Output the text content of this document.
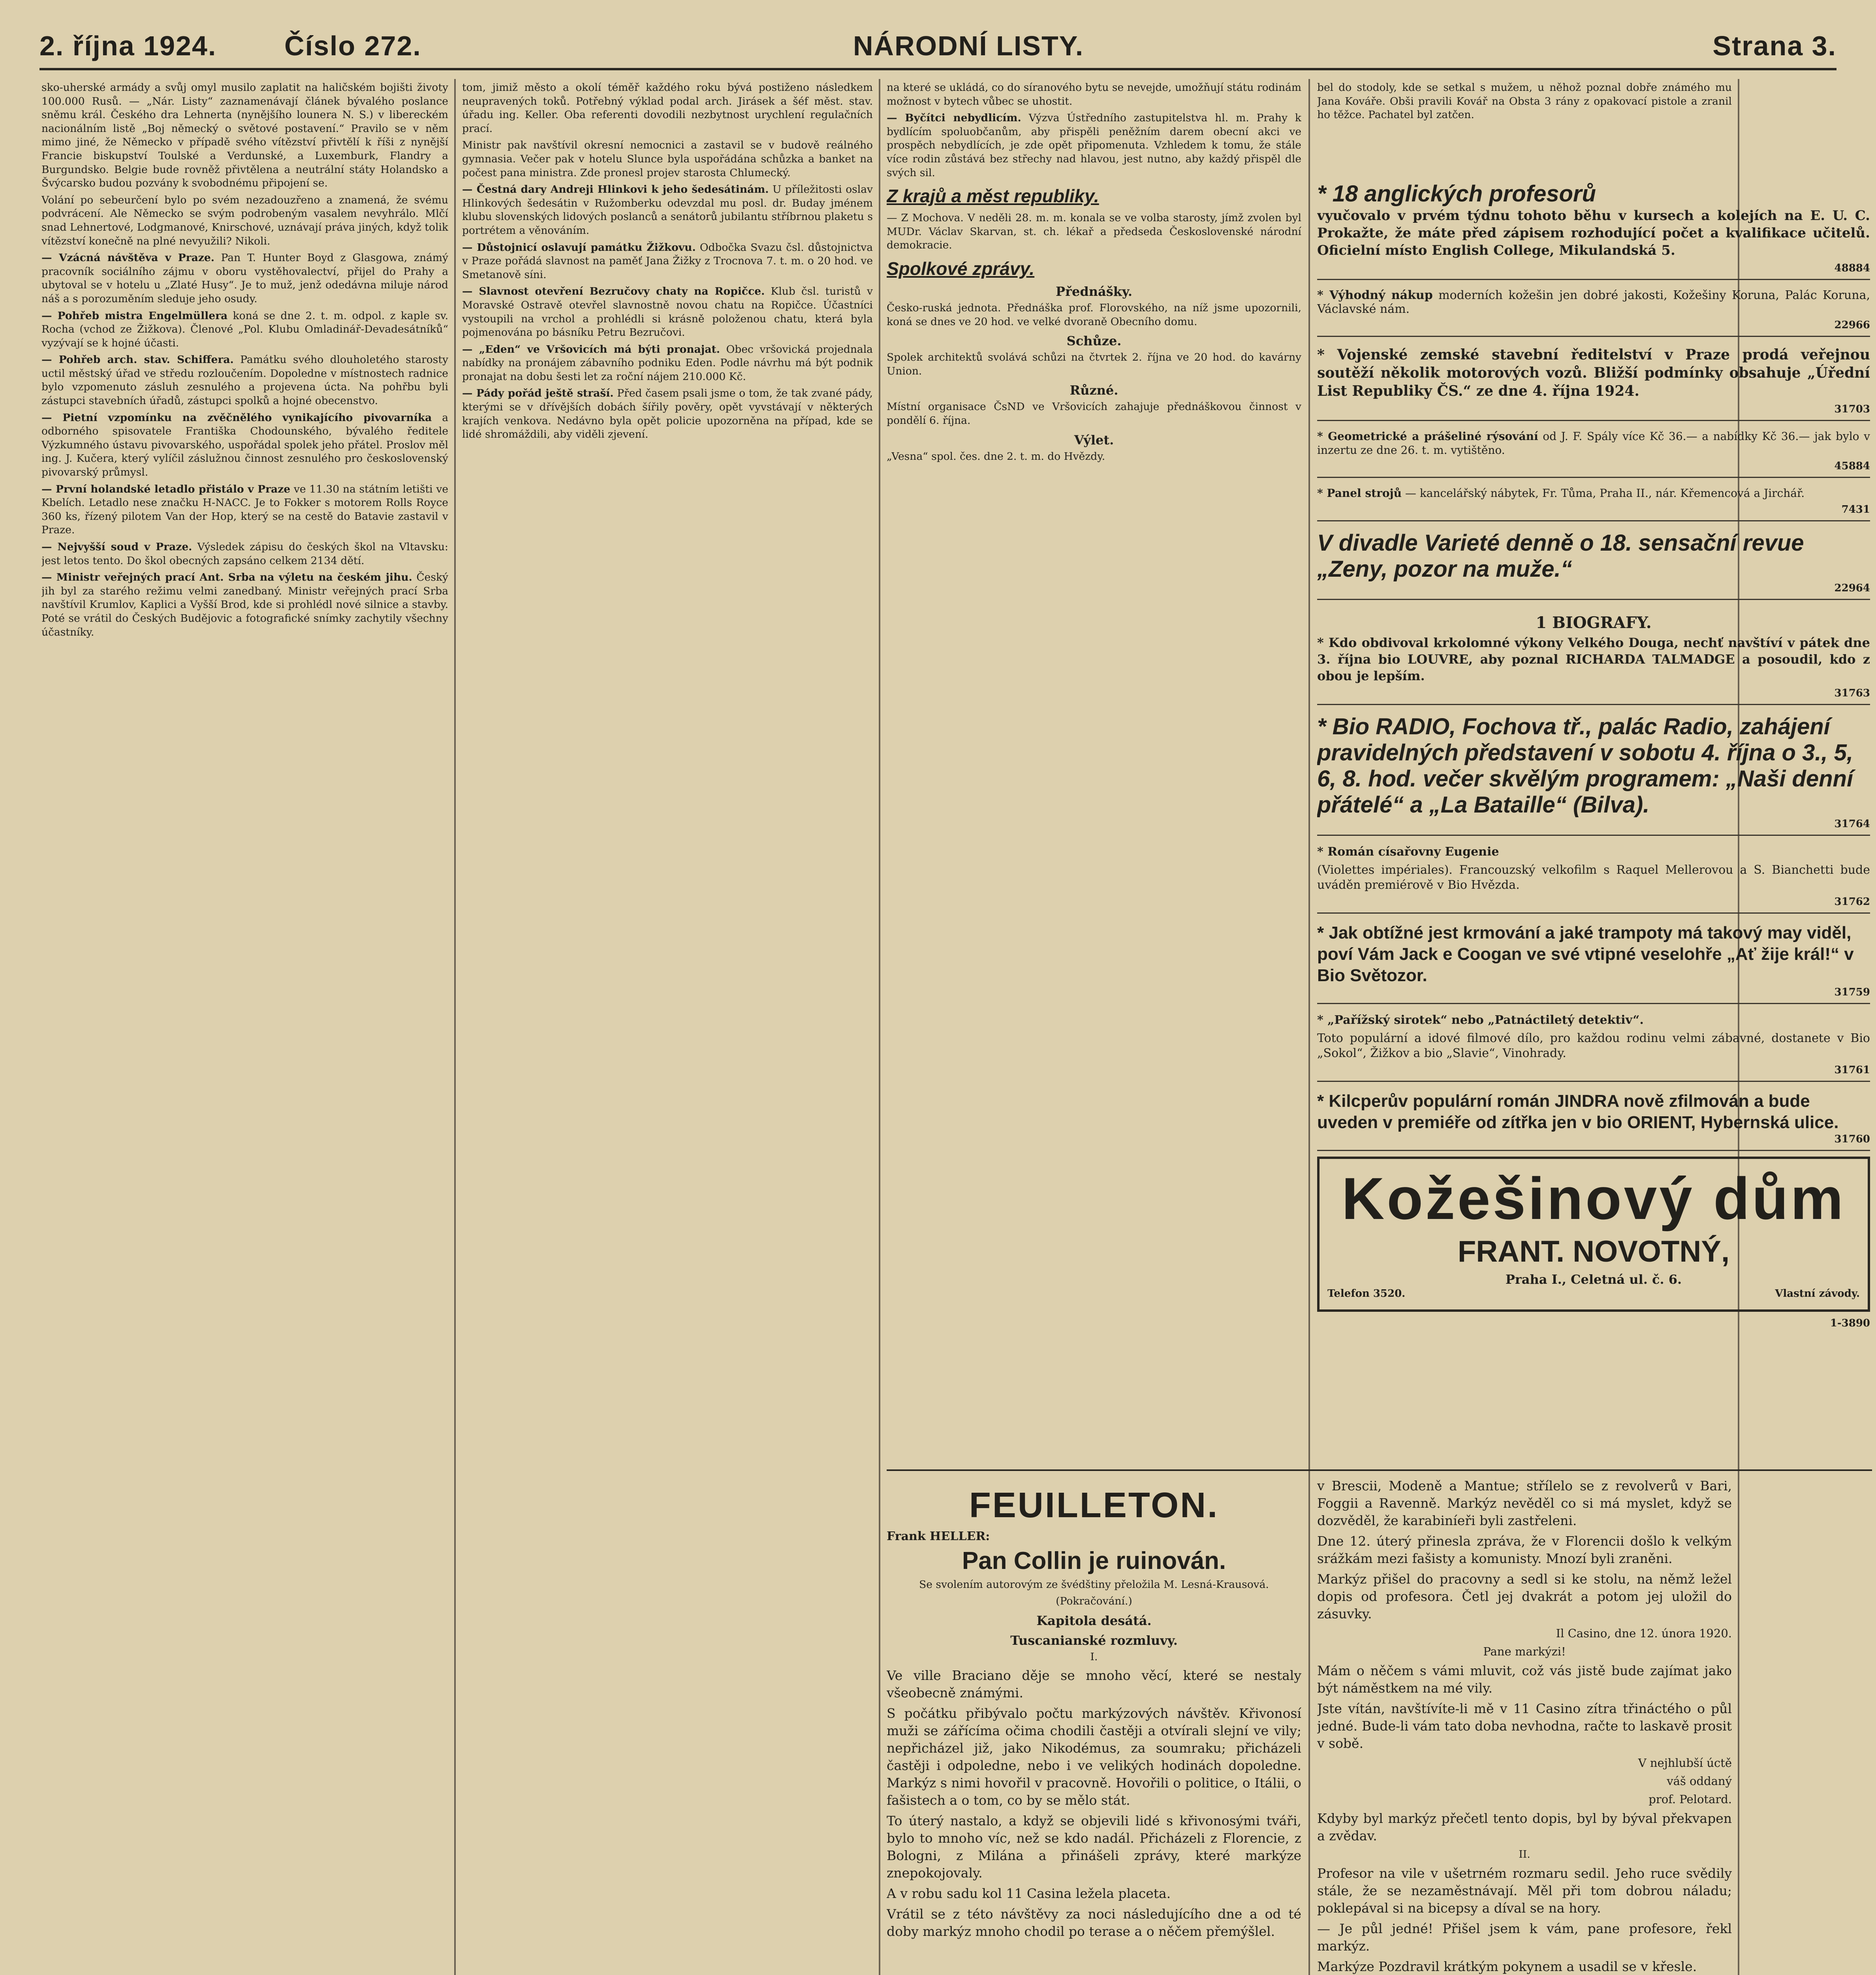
2. října 1924. Číslo 272.	NÁRODNÍ LISTY.	Strana 3.

sko-uherské armády a svůj omyl musilo zaplatit na haličském bojišti životy 100.000 Rusů. — „Nár. Listy“ zaznamenávají článek bývalého poslance sněmu král. Českého dra Lehnerta (nynějšího lounera N. S.) v libereckém nacionálním listě „Boj německý o světové postavení.“ Pravilo se v něm mimo jiné, že Německo v případě svého vítězství přivtělí k říši z nynější Francie biskupství Toulské a Verdunské, a Luxemburk, Flandry a Burgundsko. Belgie bude rovněž přivtělena a neutrální státy Holandsko a Švýcarsko budou pozvány k svobodnému připojení se.

Volání po sebeurčení bylo po svém nezadouzřeno a znamená, že svému podvrácení. Ale Německo se svým podrobeným vasalem nevyhrálo. Mlčí snad Lehnertové, Lodgmanové, Knirschové, uznávají práva jiných, když tolik vítězství konečně na plné nevyužili? Nikoli.

— Vzácná návštěva v Praze. Pan T. Hunter Boyd z Glasgowa, známý pracovník sociálního zájmu v oboru vystěhovalectví, přijel do Prahy a ubytoval se v hotelu u „Zlaté Husy“. Je to muž, jenž odedávna miluje národ náš a s porozuměním sleduje jeho osudy.

— Pohřeb mistra Engelmüllera koná se dne 2. t. m. odpol. z kaple sv. Rocha (vchod ze Žižkova). Členové „Pol. Klubu Omladinář-Devadesátníků“ vyzývají se k hojné účasti.

— Pohřeb arch. stav. Schiffera. Památku svého dlouholetého starosty uctil městský úřad ve středu rozloučením. Dopoledne v místnostech radnice bylo vzpomenuto zásluh zesnulého a projevena úcta. Na pohřbu byli zástupci stavebních úřadů, zástupci spolků a hojné obecenstvo.

— Pietní vzpomínku na zvěčnělého vynikajícího pivovarníka a odborného spisovatele Františka Chodounského, bývalého ředitele Výzkumného ústavu pivovarského, uspořádal spolek jeho přátel. Proslov měl ing. J. Kučera, který vylíčil záslužnou činnost zesnulého pro československý pivovarský průmysl.

— První holandské letadlo přistálo v Praze ve 11.30 na státním letišti ve Kbelích. Letadlo nese značku H-NACC. Je to Fokker s motorem Rolls Royce 360 ks, řízený pilotem Van der Hop, který se na cestě do Batavie zastavil v Praze.

— Nejvyšší soud v Praze. Výsledek zápisu do českých škol na Vltavsku: jest letos tento. Do škol obecných zapsáno celkem 2134 dětí.

— Ministr veřejných prací Ant. Srba na výletu na českém jihu. Český jih byl za starého režimu velmi zanedbaný. Ministr veřejných prací Srba navštívil Krumlov, Kaplici a Vyšší Brod, kde si prohlédl nové silnice a stavby. Poté se vrátil do Českých Budějovic a fotografické snímky zachytily všechny účastníky.

tom, jimiž město a okolí téměř každého roku bývá postiženo následkem neupravených toků. Potřebný výklad podal arch. Jirásek a šéf měst. stav. úřadu ing. Keller. Oba referenti dovodili nezbytnost urychlení regulačních prací.

Ministr pak navštívil okresní nemocnici a zastavil se v budově reálného gymnasia. Večer pak v hotelu Slunce byla uspořádána schůzka a banket na počest pana ministra. Zde pronesl projev starosta Chlumecký.

— Čestná dary Andreji Hlinkovi k jeho šedesátinám. U příležitosti oslav Hlinkových šedesátin v Ružomberku odevzdal mu posl. dr. Buday jménem klubu slovenských lidových poslanců a senátorů jubilantu stříbrnou plaketu s portrétem a věnováním.

— Důstojnicí oslavují památku Žižkovu. Odbočka Svazu čsl. důstojnictva v Praze pořádá slavnost na paměť Jana Žižky z Trocnova 7. t. m. o 20 hod. ve Smetanově síni.

— Slavnost otevření Bezručovy chaty na Ropičce. Klub čsl. turistů v Moravské Ostravě otevřel slavnostně novou chatu na Ropičce. Účastníci vystoupili na vrchol a prohlédli si krásně položenou chatu, která byla pojmenována po básníku Petru Bezručovi.

— „Eden“ ve Vršovicích má býti pronajat. Obec vršovická projednala nabídky na pronájem zábavního podniku Eden. Podle návrhu má být podnik pronajat na dobu šesti let za roční nájem 210.000 Kč.

— Pády pořád ještě straší. Před časem psali jsme o tom, že tak zvané pády, kterými se v dřívějších dobách šířily pověry, opět vyvstávají v některých krajích venkova. Nedávno byla opět policie upozorněna na případ, kde se lidé shromáždili, aby viděli zjevení.

na které se ukládá, co do síranového bytu se nevejde, umožňují státu rodinám možnost v bytech vůbec se uhostit.

— Byčítci nebydlicím. Výzva Ústředního zastupitelstva hl. m. Prahy k bydlícím spoluobčanům, aby přispěli peněžním darem obecní akci ve prospěch nebydlících, je zde opět připomenuta. Vzhledem k tomu, že stále více rodin zůstává bez střechy nad hlavou, jest nutno, aby každý přispěl dle svých sil.

Z krajů a měst republiky.

— Z Mochova. V neděli 28. m. m. konala se ve volba starosty, jímž zvolen byl MUDr. Václav Skarvan, st. ch. lékař a předseda Československé národní demokracie.

Spolkové zprávy.
Přednášky.

Česko-ruská jednota. Přednáška prof. Florovského, na níž jsme upozornili, koná se dnes ve 20 hod. ve velké dvoraně Obecního domu.

Schůze.

Spolek architektů svolává schůzi na čtvrtek 2. října ve 20 hod. do kavárny Union.

Různé.

Místní organisace ČsND ve Vršovicích zahajuje přednáškovou činnost v pondělí 6. října.

Výlet.

„Vesna“ spol. čes. dne 2. t. m. do Hvězdy.

bel do stodoly, kde se setkal s mužem, u něhož poznal dobře známého mu Jana Kováře. Obši pravili Kovář na Obsta 3 rány z opakovací pistole a zranil ho těžce. Pachatel byl zatčen.

* 18 anglických profesorů
vyučovalo v prvém týdnu tohoto běhu v kursech a kolejích na E. U. C. Prokažte, že máte před zápisem rozhodující počet a kvalifikace učitelů. Oficielní místo English College, Mikulandská 5.
48884
* Výhodný nákup moderních kožešin jen dobré jakosti, Kožešiny Koruna, Palác Koruna, Václavské nám.
22966
* Vojenské zemské stavební ředitelství v Praze prodá veřejnou soutěží několik motorových vozů. Bližší podmínky obsahuje „Úřední List Republiky ČS.“ ze dne 4. října 1924.
31703
* Geometrické a prášeliné rýsování od J. F. Spály více Kč 36.— a nabídky Kč 36.— jak bylo v inzertu ze dne 26. t. m. vytištěno.
45884
* Panel strojů — kancelářský nábytek, Fr. Tůma, Praha II., nár. Křemencová a Jirchář.
7431
V divadle Varieté denně o 18. sensační revue „Zeny, pozor na muže.“
22964
1 BIOGRAFY.
* Kdo obdivoval krkolomné výkony Velkého Douga, nechť navštíví v pátek dne 3. října bio LOUVRE, aby poznal RICHARDA TALMADGE a posoudil, kdo z obou je lepším.
31763
* Bio RADIO, Fochova tř., palác Radio, zahájení pravidelných představení v sobotu 4. října o 3., 5, 6, 8. hod. večer skvělým programem: „Naši denní přátelé“ a „La Bataille“ (Bilva).
31764
* Román císařovny Eugenie
(Violettes impériales). Francouzský velkofilm s Raquel Mellerovou a S. Bianchetti bude uváděn premiérově v Bio Hvězda.
31762
* Jak obtížné jest krmování a jaké trampoty má takový may viděl, poví Vám Jack e Coogan ve své vtipné veselohře „Ať žije král!“ v Bio Světozor.
31759
* „Pařížský sirotek“ nebo „Patnáctiletý detektiv“.
Toto populární a idové filmové dílo, pro každou rodinu velmi zábavné, dostanete v Bio „Sokol“, Žižkov a bio „Slavie“, Vinohrady.
31761
* Kilcperův populární román JINDRA nově zfilmován a bude uveden v premiéře od zítřka jen v bio ORIENT, Hybernská ulice.
31760
Kožešinový dům
FRANT. NOVOTNÝ,
Praha I., Celetná ul. č. 6.
Telefon 3520.	Vlastní závody.
1-3890
FEUILLETON.
Frank HELLER:
Pan Collin je ruinován.
Se svolením autorovým ze švédštiny přeložila M. Lesná-Krausová.
(Pokračování.)
Kapitola desátá.
Tuscanianské rozmluvy.
I.

Ve ville Braciano děje se mnoho věcí, které se nestaly všeobecně známými.

S počátku přibývalo počtu markýzových návštěv. Křivonosí muži se zářícíma očima chodili častěji a otvírali slejní ve vily; nepřicházel již, jako Nikodémus, za soumraku; přicházeli častěji i odpoledne, nebo i ve velikých hodinách dopoledne. Markýz s nimi hovořil v pracovně. Hovořili o politice, o Itálii, o fašistech a o tom, co by se mělo stát.

To úterý nastalo, a když se objevili lidé s křivonosými tváři, bylo to mnoho víc, než se kdo nadál. Přicházeli z Florencie, z Bologni, z Milána a přinášeli zprávy, které markýze znepokojovaly.

A v robu sadu kol 11 Casina ležela placeta.

Vrátil se z této návštěvy za noci následujícího dne a od té doby markýz mnoho chodil po terase a o něčem přemýšlel.

v Brescii, Modeně a Mantue; střílelo se z revolverů v Bari, Foggii a Ravenně. Markýz nevěděl co si má myslet, když se dozvěděl, že karabiníeři byli zastřeleni.

Dne 12. úterý přinesla zpráva, že v Florencii došlo k velkým srážkám mezi fašisty a komunisty. Mnozí byli zraněni.

Markýz přišel do pracovny a sedl si ke stolu, na němž ležel dopis od profesora. Četl jej dvakrát a potom jej uložil do zásuvky.

Il Casino, dne 12. února 1920.
Pane markýzi!

Mám o něčem s vámi mluvit, což vás jistě bude zajímat jako být náměstkem na mé vily.

Jste vítán, navštívíte-li mě v 11 Casino zítra třináctého o půl jedné. Bude-li vám tato doba nevhodna, račte to laskavě prosit v sobě.

V nejhlubší úctě
váš oddaný
prof. Pelotard.

Kdyby byl markýz přečetl tento dopis, byl by býval překvapen a zvědav.

II.

Profesor na vile v ušetrném rozmaru sedil. Jeho ruce svědily stále, že se nezaměstnávají. Měl při tom dobrou náladu; poklepával si na bicepsy a díval se na hory.

— Je půl jedné! Přišel jsem k vám, pane profesore, řekl markýz.

Markýze Pozdravil krátkým pokynem a usadil se v křesle.
